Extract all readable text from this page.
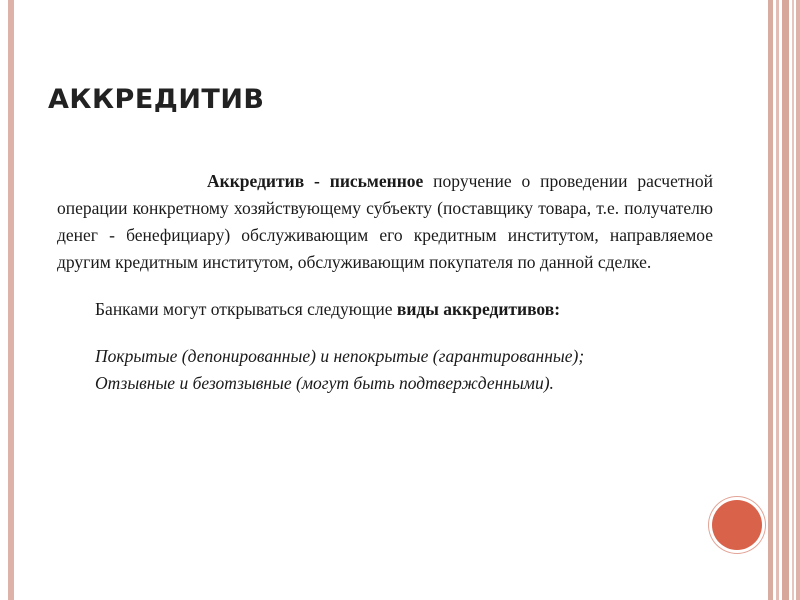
АККРЕДИТИВ

Аккредитив - письменное поручение о проведении расчетной операции конкретному хозяйствующему субъекту (поставщику товара, т.е. получателю денег - бенефициару) обслуживающим его кредитным институтом, направляемое другим кредитным институтом, обслуживающим покупателя по данной сделке.

Банками могут открываться следующие виды аккредитивов:

Покрытые (депонированные) и непокрытые (гарантированные);

Отзывные и безотзывные (могут быть подтвержденными).
